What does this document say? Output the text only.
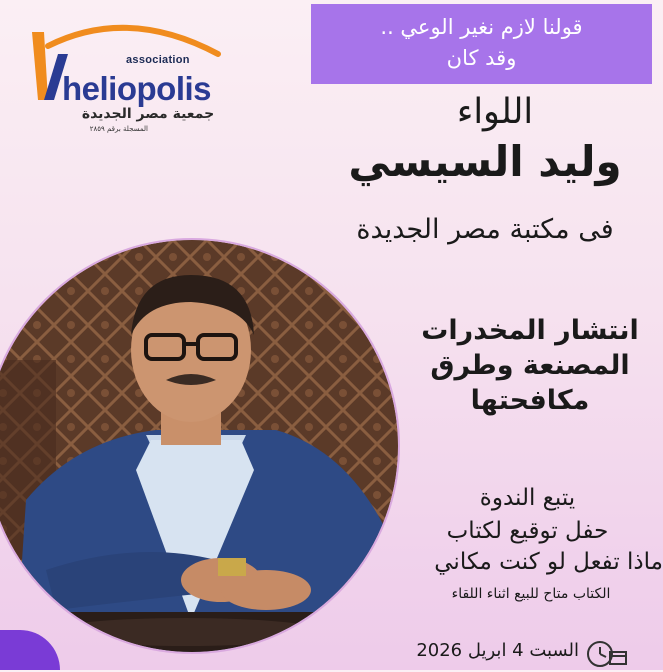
association
heliopolis
جمعية مصر الجديدة
المسجلة برقم ٢٨٥٩
قولنا لازم نغير الوعي ..
وقد كان
اللواء
وليد السيسي
فى مكتبة مصر الجديدة
انتشار المخدرات
المصنعة وطرق
مكافحتها
يتبع الندوة
حفل توقيع لكتاب
ماذا تفعل لو كنت مكاني
الكتاب متاح للبيع اثناء اللقاء
السبت 4 ابريل 2026
